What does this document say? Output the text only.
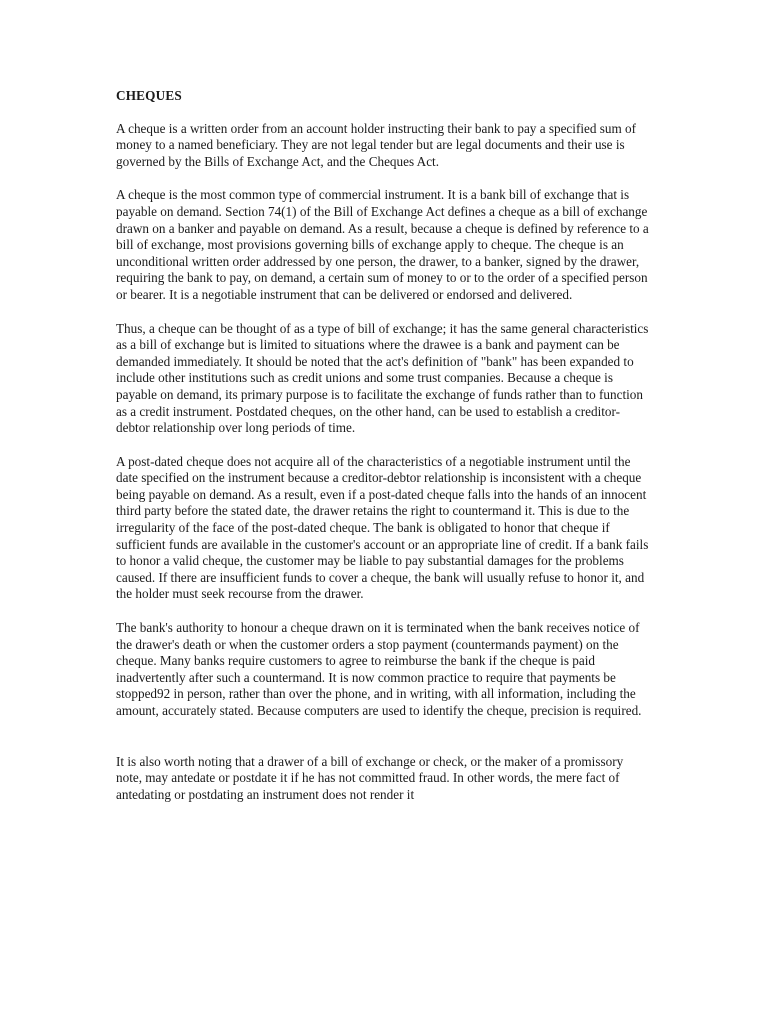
CHEQUES

A cheque is a written order from an account holder instructing their bank to pay a specified sum of money to a named beneficiary. They are not legal tender but are legal documents and their use is governed by the Bills of Exchange Act, and the Cheques Act.

A cheque is the most common type of commercial instrument. It is a bank bill of exchange that is payable on demand. Section 74(1) of the Bill of Exchange Act defines a cheque as a bill of exchange drawn on a banker and payable on demand. As a result, because a cheque is defined by reference to a bill of exchange, most provisions governing bills of exchange apply to cheque. The cheque is an unconditional written order addressed by one person, the drawer, to a banker, signed by the drawer, requiring the bank to pay, on demand, a certain sum of money to or to the order of a specified person or bearer. It is a negotiable instrument that can be delivered or endorsed and delivered.

Thus, a cheque can be thought of as a type of bill of exchange; it has the same general characteristics as a bill of exchange but is limited to situations where the drawee is a bank and payment can be demanded immediately. It should be noted that the act's definition of "bank" has been expanded to include other institutions such as credit unions and some trust companies. Because a cheque is payable on demand, its primary purpose is to facilitate the exchange of funds rather than to function as a credit instrument. Postdated cheques, on the other hand, can be used to establish a creditor-debtor relationship over long periods of time.

A post-dated cheque does not acquire all of the characteristics of a negotiable instrument until the date specified on the instrument because a creditor-debtor relationship is inconsistent with a cheque being payable on demand. As a result, even if a post-dated cheque falls into the hands of an innocent third party before the stated date, the drawer retains the right to countermand it. This is due to the irregularity of the face of the post-dated cheque. The bank is obligated to honor that cheque if sufficient funds are available in the customer's account or an appropriate line of credit. If a bank fails to honor a valid cheque, the customer may be liable to pay substantial damages for the problems caused. If there are insufficient funds to cover a cheque, the bank will usually refuse to honor it, and the holder must seek recourse from the drawer.

The bank's authority to honour a cheque drawn on it is terminated when the bank receives notice of the drawer's death or when the customer orders a stop payment (countermands payment) on the cheque. Many banks require customers to agree to reimburse the bank if the cheque is paid inadvertently after such a countermand. It is now common practice to require that payments be stopped92 in person, rather than over the phone, and in writing, with all information, including the amount, accurately stated. Because computers are used to identify the cheque, precision is required.

It is also worth noting that a drawer of a bill of exchange or check, or the maker of a promissory note, may antedate or postdate it if he has not committed fraud. In other words, the mere fact of antedating or postdating an instrument does not render it
